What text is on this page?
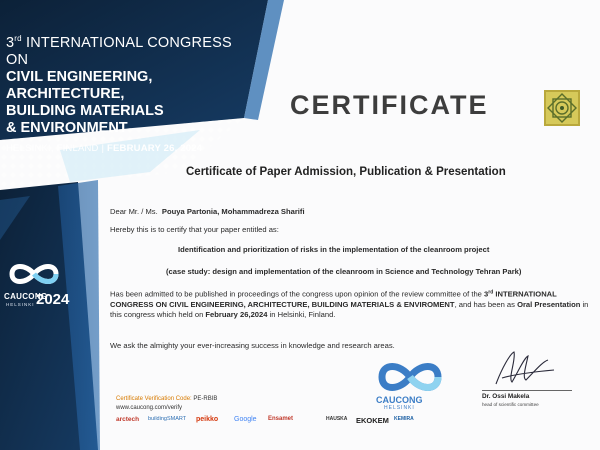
3rd INTERNATIONAL CONGRESS ON
CIVIL ENGINEERING, ARCHITECTURE,
BUILDING MATERIALS
& ENVIRONMENT
HELSINKI, FINLAND | FEBRUARY 26, 2024
CERTIFICATE
CAUCONG
HELSINKI 2024
Certificate of Paper Admission, Publication & Presentation
Dear Mr. / Ms. Pouya Partonia, Mohammadreza Sharifi
Hereby this is to certify that your paper entitled as:
Identification and prioritization of risks in the implementation of the cleanroom project
(case study: design and implementation of the cleanroom in Science and Technology Tehran Park)
Has been admitted to be published in proceedings of the congress upon opinion of the review committee of the 3rd INTERNATIONAL CONGRESS ON CIVIL ENGINEERING, ARCHITECTURE, BUILDING MATERIALS & ENVIROMENT, and has been as Oral Presentation in this congress which held on February 26,2024 in Helsinki, Finland.
We ask the almighty your ever-increasing success in knowledge and research areas.
CAUCONG
HELSINKI
Dr. Ossi Makela
head of scientific committee
Certificate Verification Code: PE-RBIB
www.caucong.com/verify
arctech buildingSMART peikko Google Ensamet	HAUSKA EKOKEM KEMIRA
